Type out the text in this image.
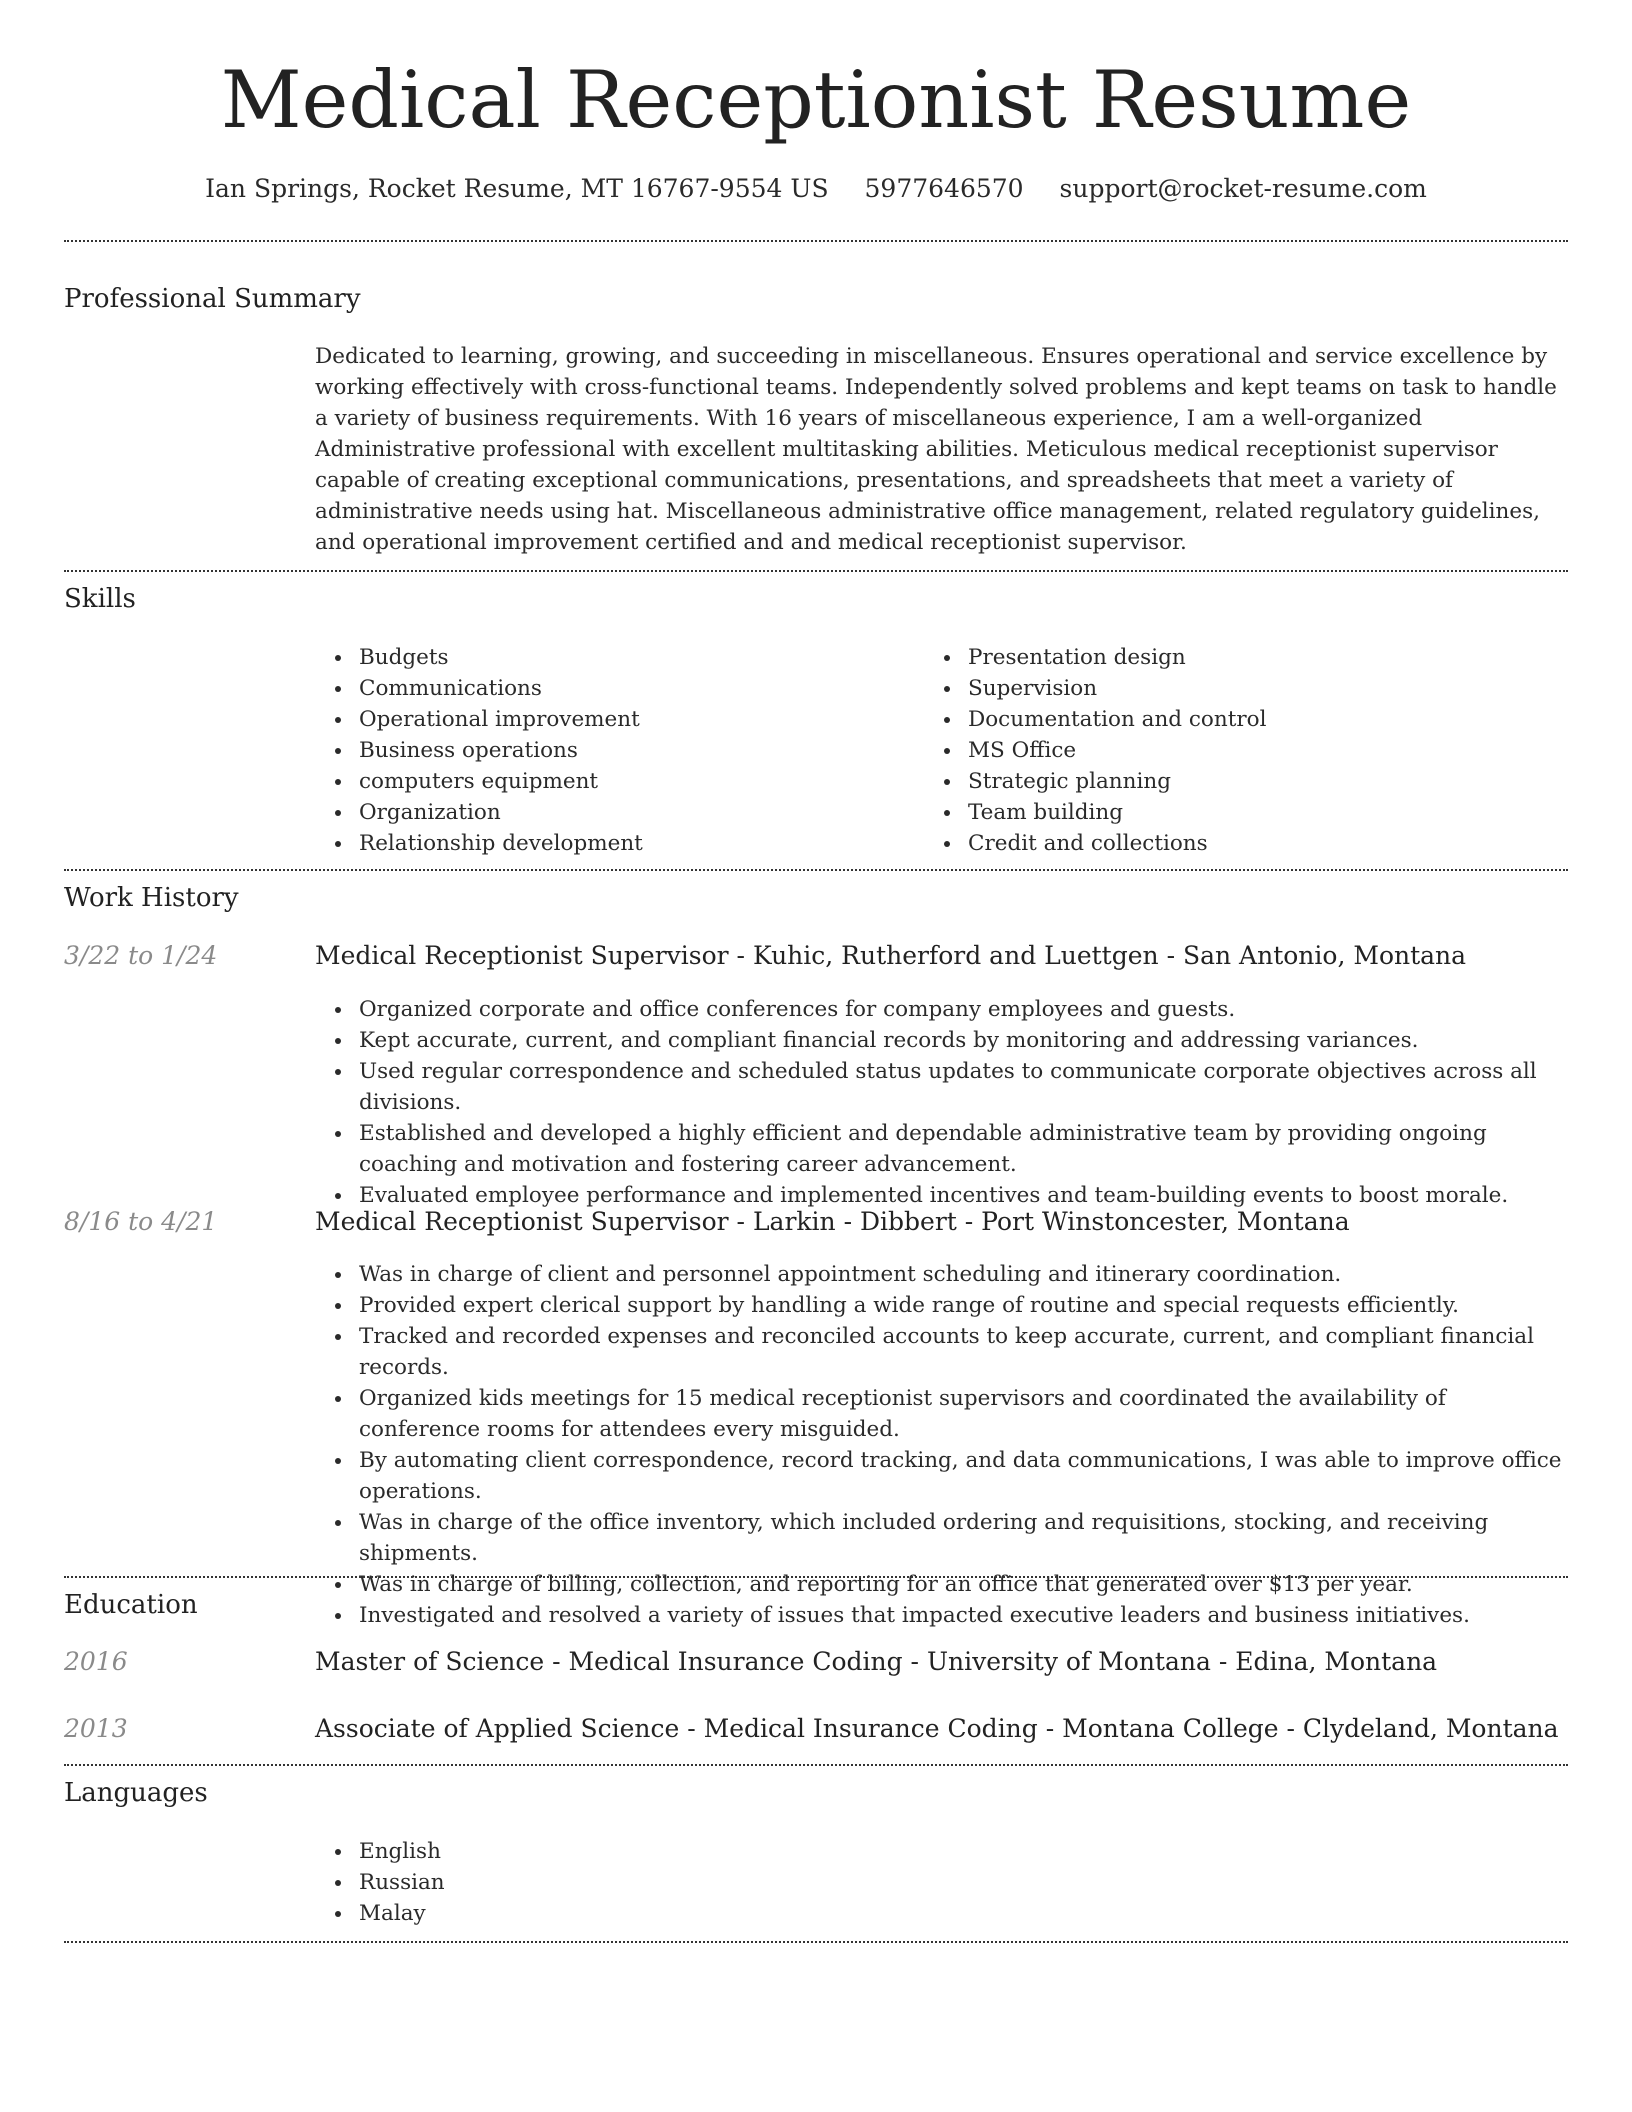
Medical Receptionist Resume
Ian Springs, Rocket Resume, MT 16767-9554 US 5977646570 support@rocket-resume.com
Professional Summary

Dedicated to learning, growing, and succeeding in miscellaneous. Ensures operational and service excellence by working effectively with cross-functional teams. Independently solved problems and kept teams on task to handle a variety of business requirements. With 16 years of miscellaneous experience, I am a well-organized Administrative professional with excellent multitasking abilities. Meticulous medical receptionist supervisor capable of creating exceptional communications, presentations, and spreadsheets that meet a variety of administrative needs using hat. Miscellaneous administrative office management, related regulatory guidelines, and operational improvement certified and and medical receptionist supervisor.

Skills
Budgets
Communications
Operational improvement
Business operations
computers equipment
Organization
Relationship development
Presentation design
Supervision
Documentation and control
MS Office
Strategic planning
Team building
Credit and collections
Work History
3/22 to 1/24	Medical Receptionist Supervisor - Kuhic, Rutherford and Luettgen - San Antonio, Montana
Organized corporate and office conferences for company employees and guests.
Kept accurate, current, and compliant financial records by monitoring and addressing variances.
Used regular correspondence and scheduled status updates to communicate corporate objectives across all divisions.
Established and developed a highly efficient and dependable administrative team by providing ongoing coaching and motivation and fostering career advancement.
Evaluated employee performance and implemented incentives and team-building events to boost morale.
8/16 to 4/21	Medical Receptionist Supervisor - Larkin - Dibbert - Port Winstoncester, Montana
Was in charge of client and personnel appointment scheduling and itinerary coordination.
Provided expert clerical support by handling a wide range of routine and special requests efficiently.
Tracked and recorded expenses and reconciled accounts to keep accurate, current, and compliant financial records.
Organized kids meetings for 15 medical receptionist supervisors and coordinated the availability of conference rooms for attendees every misguided.
By automating client correspondence, record tracking, and data communications, I was able to improve office operations.
Was in charge of the office inventory, which included ordering and requisitions, stocking, and receiving shipments.
Was in charge of billing, collection, and reporting for an office that generated over $13 per year.
Investigated and resolved a variety of issues that impacted executive leaders and business initiatives.
Education
2016	Master of Science - Medical Insurance Coding - University of Montana - Edina, Montana
2013	Associate of Applied Science - Medical Insurance Coding - Montana College - Clydeland, Montana
Languages
English
Russian
Malay
